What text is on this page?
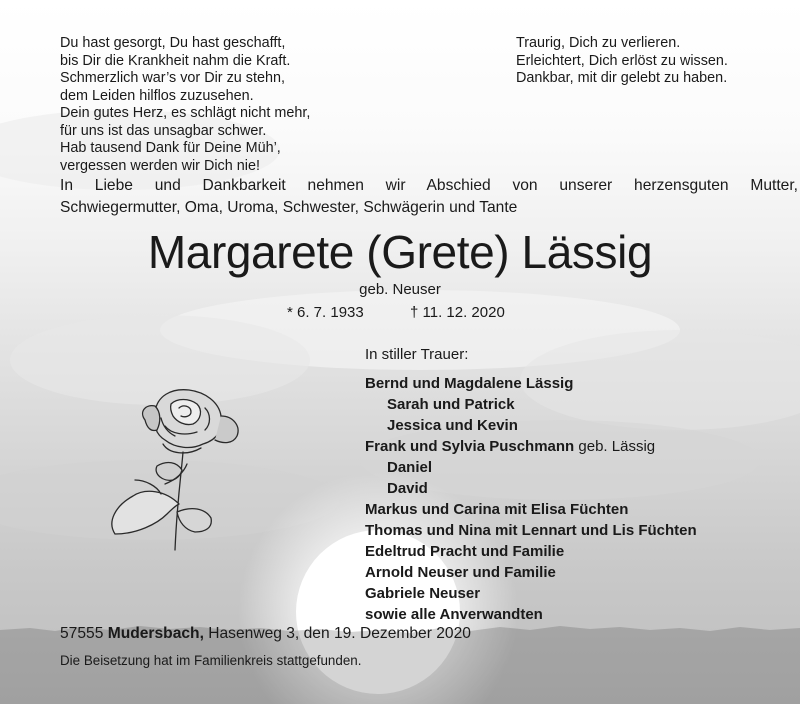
Du hast gesorgt, Du hast geschafft,
bis Dir die Krankheit nahm die Kraft.
Schmerzlich war’s vor Dir zu stehn,
dem Leiden hilflos zuzusehen.
Dein gutes Herz, es schlägt nicht mehr,
für uns ist das unsagbar schwer.
Hab tausend Dank für Deine Müh’,
vergessen werden wir Dich nie!
Traurig, Dich zu verlieren.
Erleichtert, Dich erlöst zu wissen.
Dankbar, mit dir gelebt zu haben.
In Liebe und Dankbarkeit nehmen wir Abschied von unserer herzensguten Mutter,
Schwiegermutter, Oma, Uroma, Schwester, Schwägerin und Tante
Margarete (Grete) Lässig
geb. Neuser
* 6. 7. 1933	† 11. 12. 2020
In stiller Trauer:
Bernd und Magdalene Lässig
Sarah und Patrick
Jessica und Kevin
Frank und Sylvia Puschmann geb. Lässig
Daniel
David
Markus und Carina mit Elisa Füchten
Thomas und Nina mit Lennart und Lis Füchten
Edeltrud Pracht und Familie
Arnold Neuser und Familie
Gabriele Neuser
sowie alle Anverwandten
57555 Mudersbach, Hasenweg 3, den 19. Dezember 2020
Die Beisetzung hat im Familienkreis stattgefunden.
